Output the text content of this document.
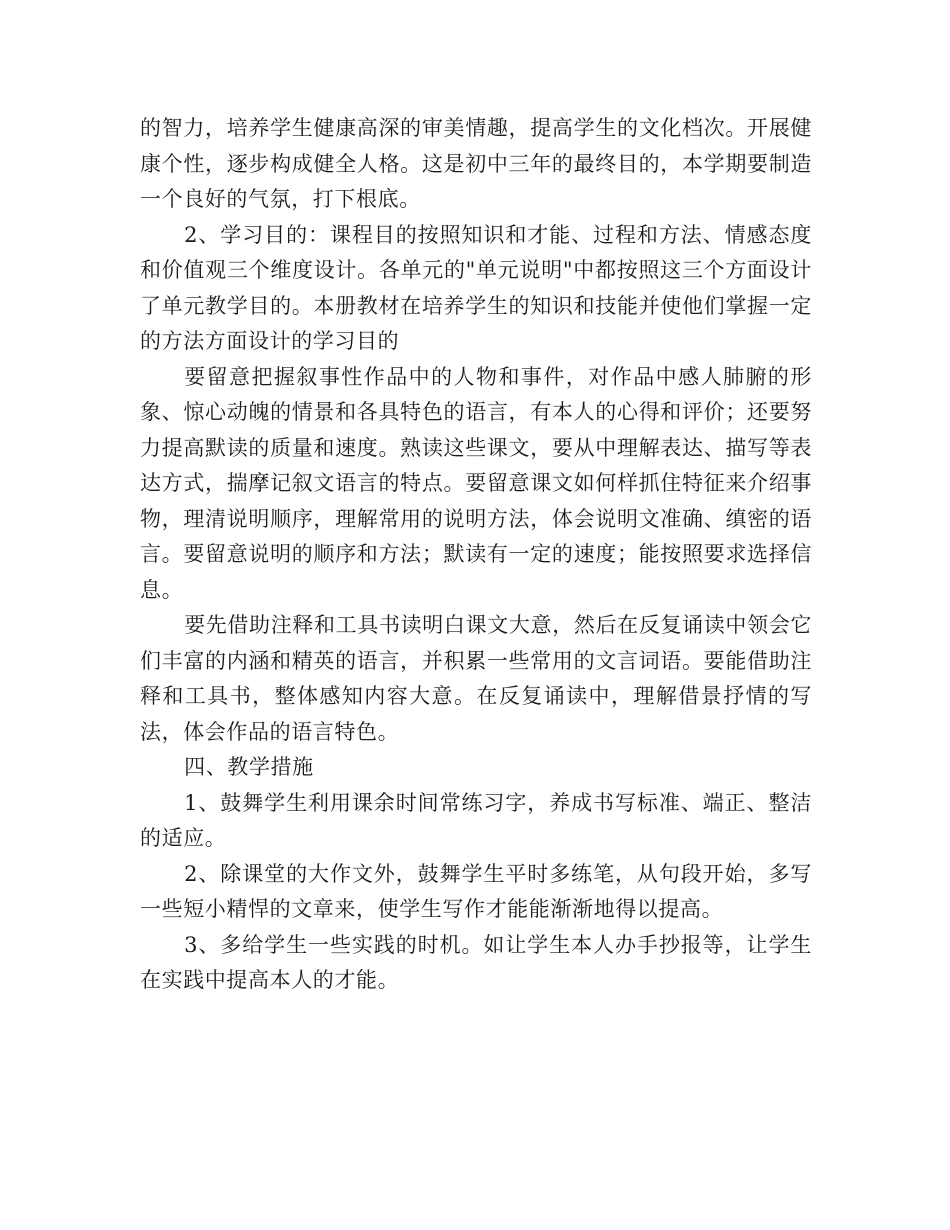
的智力，培养学生健康高深的审美情趣，提高学生的文化档次。开展健康个性，逐步构成健全人格。这是初中三年的最终目的，本学期要制造一个良好的气氛，打下根底。

2、学习目的：课程目的按照知识和才能、过程和方法、情感态度和价值观三个维度设计。各单元的"单元说明"中都按照这三个方面设计了单元教学目的。本册教材在培养学生的知识和技能并使他们掌握一定的方法方面设计的学习目的

要留意把握叙事性作品中的人物和事件，对作品中感人肺腑的形象、惊心动魄的情景和各具特色的语言，有本人的心得和评价；还要努力提高默读的质量和速度。熟读这些课文，要从中理解表达、描写等表达方式，揣摩记叙文语言的特点。要留意课文如何样抓住特征来介绍事物，理清说明顺序，理解常用的说明方法，体会说明文准确、缜密的语言。要留意说明的顺序和方法；默读有一定的速度；能按照要求选择信息。

要先借助注释和工具书读明白课文大意，然后在反复诵读中领会它们丰富的内涵和精英的语言，并积累一些常用的文言词语。要能借助注释和工具书，整体感知内容大意。在反复诵读中，理解借景抒情的写法，体会作品的语言特色。

四、教学措施

1、鼓舞学生利用课余时间常练习字，养成书写标准、端正、整洁的适应。

2、除课堂的大作文外，鼓舞学生平时多练笔，从句段开始，多写一些短小精悍的文章来，使学生写作才能能渐渐地得以提高。

3、多给学生一些实践的时机。如让学生本人办手抄报等，让学生在实践中提高本人的才能。
